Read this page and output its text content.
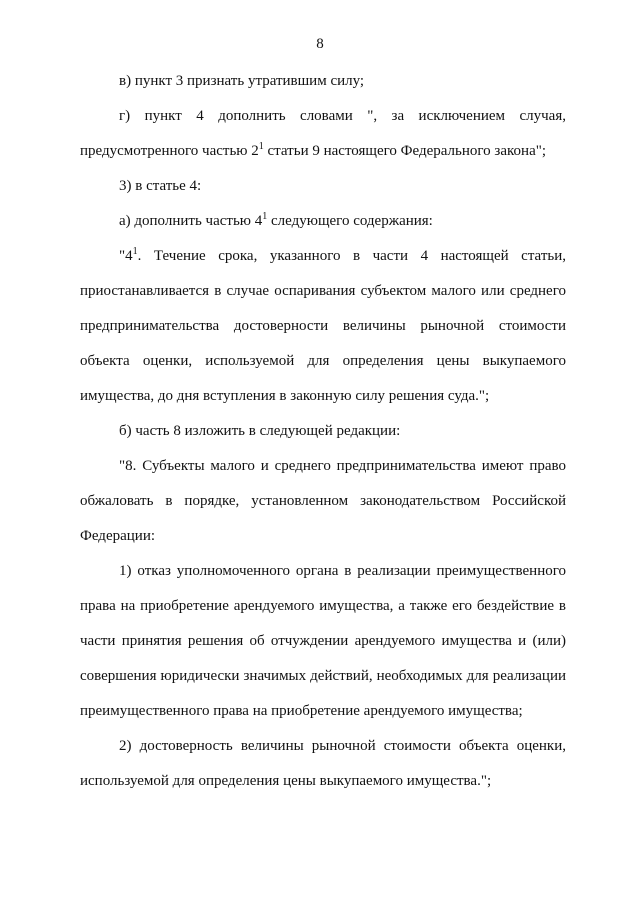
8
в) пункт 3 признать утратившим силу;
г) пункт 4 дополнить словами ", за исключением случая,
предусмотренного частью $2^1$ статьи 9 настоящего Федерального закона";
3) в статье 4:
а) дополнить частью $4^1$ следующего содержания:
"$4^1$. Течение срока, указанного в части 4 настоящей статьи,
приостанавливается в случае оспаривания субъектом малого или среднего
предпринимательства достоверности величины рыночной стоимости
объекта оценки, используемой для определения цены выкупаемого
имущества, до дня вступления в законную силу решения суда.";
б) часть 8 изложить в следующей редакции:
"8. Субъекты малого и среднего предпринимательства имеют право
обжаловать в порядке, установленном законодательством Российской
Федерации:
1) отказ уполномоченного органа в реализации преимущественного
права на приобретение арендуемого имущества, а также его бездействие в
части принятия решения об отчуждении арендуемого имущества и (или)
совершения юридически значимых действий, необходимых для реализации
преимущественного права на приобретение арендуемого имущества;
2) достоверность величины рыночной стоимости объекта оценки,
используемой для определения цены выкупаемого имущества.";
